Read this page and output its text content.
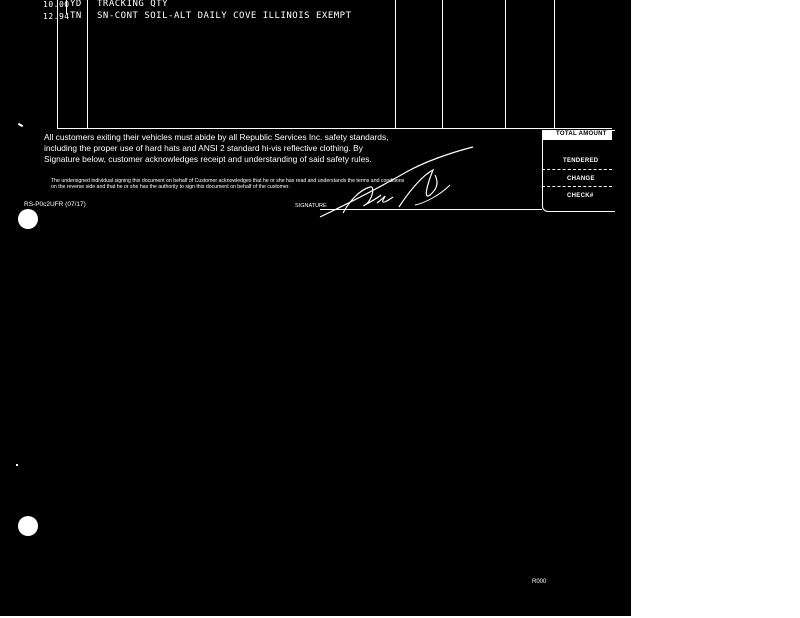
10.00 YD TRACKING QTY
12.94 TN SN-CONT SOIL-ALT DAILY COVE ILLINOIS EXEMPT
All customers exiting their vehicles must abide by all Republic Services Inc. safety standards,
including the proper use of hard hats and ANSI 2 standard hi-vis reflective clothing. By
Signature below, customer acknowledges receipt and understanding of said safety rules.
The undersigned individual signing this document on behalf of Customer acknowledges that he or she has read and understands the terms and conditions
on the reverse side and that he or she has the authority to sign this document on behalf of the customer.
SIGNATURE
RS-P0c2UFR (07/17)
TOTAL AMOUNT
TENDERED
CHANGE
CHECK#
R000
